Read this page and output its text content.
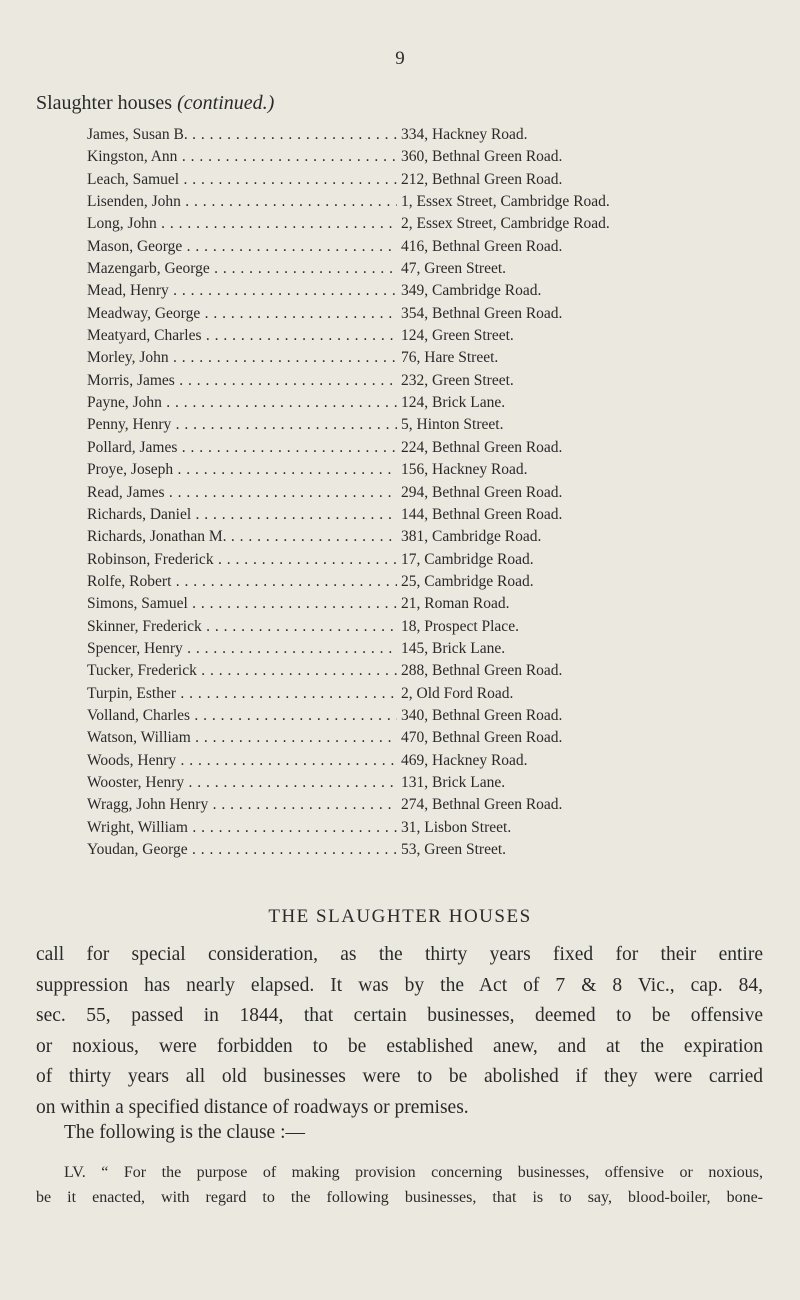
9
Slaughter houses (continued.)
James, Susan B. . . .	334, Hackney Road.
Kingston, Ann . . .	360, Bethnal Green Road.
Leach, Samuel . . .	212, Bethnal Green Road.
Lisenden, John . . .	1, Essex Street, Cambridge Road.
Long, John . . .	2, Essex Street, Cambridge Road.
Mason, George . . .	416, Bethnal Green Road.
Mazengarb, George . . .	47, Green Street.
Mead, Henry . . .	349, Cambridge Road.
Meadway, George . . .	354, Bethnal Green Road.
Meatyard, Charles . . .	124, Green Street.
Morley, John . . .	76, Hare Street.
Morris, James . . .	232, Green Street.
Payne, John . . .	124, Brick Lane.
Penny, Henry . . .	5, Hinton Street.
Pollard, James . . .	224, Bethnal Green Road.
Proye, Joseph . . .	156, Hackney Road.
Read, James . . .	294, Bethnal Green Road.
Richards, Daniel . . .	144, Bethnal Green Road.
Richards, Jonathan M. . . .	381, Cambridge Road.
Robinson, Frederick . . .	17, Cambridge Road.
Rolfe, Robert . . .	25, Cambridge Road.
Simons, Samuel . . .	21, Roman Road.
Skinner, Frederick . . .	18, Prospect Place.
Spencer, Henry . . .	145, Brick Lane.
Tucker, Frederick . . .	288, Bethnal Green Road.
Turpin, Esther . . .	2, Old Ford Road.
Volland, Charles . . .	340, Bethnal Green Road.
Watson, William . . .	470, Bethnal Green Road.
Woods, Henry . . .	469, Hackney Road.
Wooster, Henry . . .	131, Brick Lane.
Wragg, John Henry . . .	274, Bethnal Green Road.
Wright, William . . .	31, Lisbon Street.
Youdan, George . . .	53, Green Street.
THE SLAUGHTER HOUSES
call for special consideration, as the thirty years fixed for their entire
suppression has nearly elapsed. It was by the Act of 7 & 8 Vic., cap. 84,
sec. 55, passed in 1844, that certain businesses, deemed to be offensive
or noxious, were forbidden to be established anew, and at the expiration
of thirty years all old businesses were to be abolished if they were carried
on within a specified distance of roadways or premises.
The following is the clause :—
LV. “ For the purpose of making provision concerning businesses, offensive or noxious,
be it enacted, with regard to the following businesses, that is to say, blood-boiler, bone-
